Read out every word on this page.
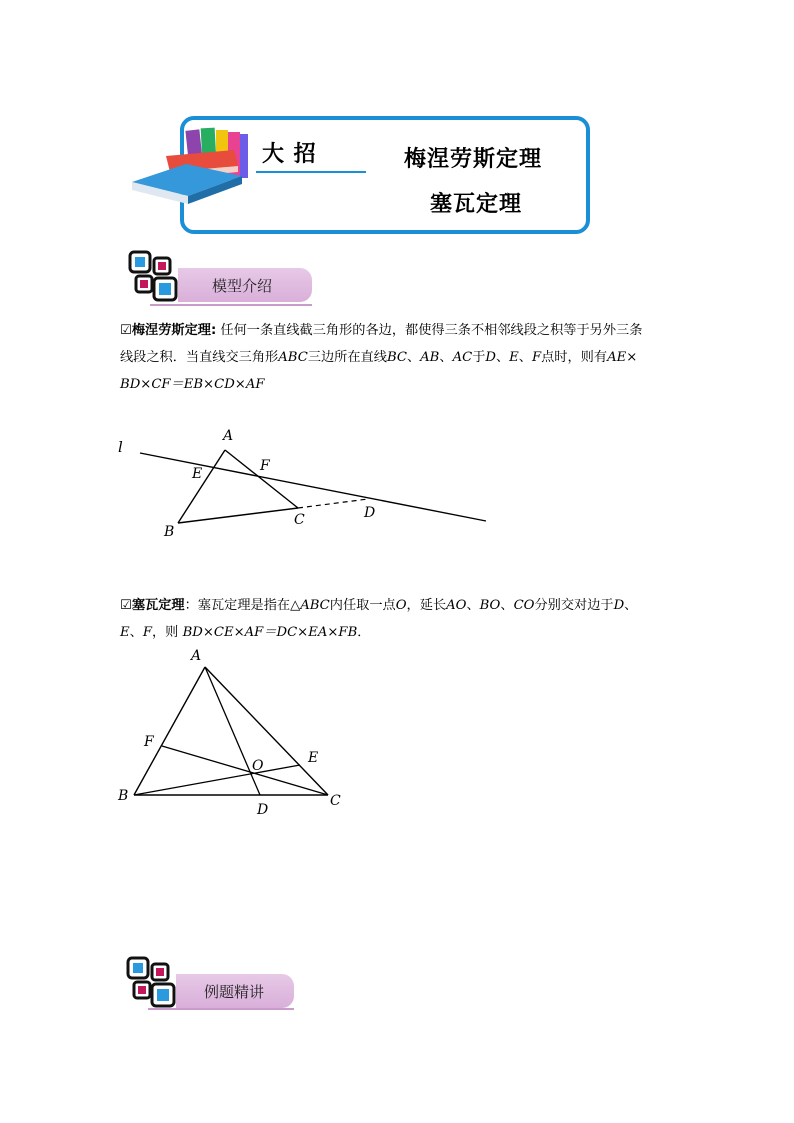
大 招	梅涅劳斯定理
塞瓦定理
模型介绍
☑梅涅劳斯定理: 任何一条直线截三角形的各边，都使得三条不相邻线段之积等于另外三条
线段之积．当直线交三角形ABC三边所在直线BC、AB、AC于D、E、F点时，则有AE×
BD×CF＝EB×CD×AF
l
A
E	F
B
C	D
☑塞瓦定理：塞瓦定理是指在△ABC内任取一点O，延长AO、BO、CO分别交对边于D、
E、F，则 BD×CE×AF＝DC×EA×FB．
A
F
E
O
B	C
D
例题精讲
